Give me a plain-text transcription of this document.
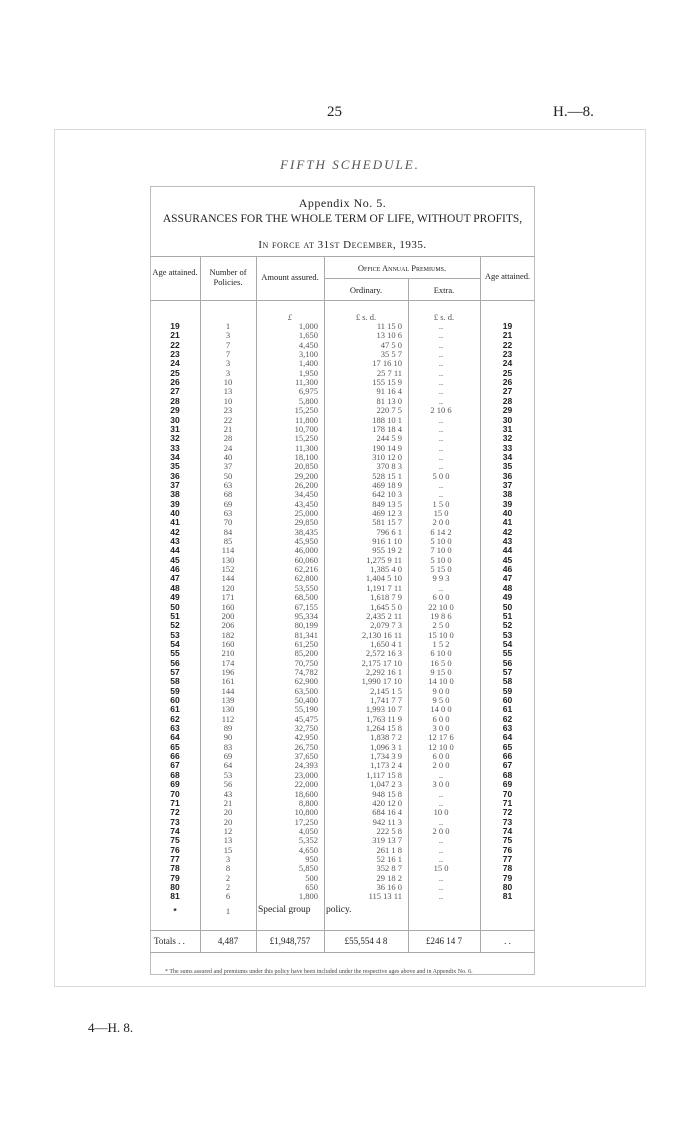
25	H.—8.
FIFTH SCHEDULE.
Appendix No. 5.
ASSURANCES FOR THE WHOLE TERM OF LIFE, WITHOUT PROFITS,
In force at 31st December, 1935.
Age attained.	Number of Policies.	Amount assured.
Office Annual Premiums.
Ordinary.	Extra.
Age attained.
£	£ s. d.	£ s. d.
19	1	1,000	11 15 0	..	19
21	3	1,650	13 10 6	..	21
22	7	4,450	47 5 0	..	22
23	7	3,100	35 5 7	..	23
24	3	1,400	17 16 10	..	24
25	3	1,950	25 7 11	..	25
26	10	11,300	155 15 9	..	26
27	13	6,975	91 16 4	..	27
28	10	5,800	81 13 0	..	28
29	23	15,250	220 7 5	2 10 6	29
30	22	11,800	188 10 1	..	30
31	21	10,700	178 18 4	..	31
32	28	15,250	244 5 9	..	32
33	24	11,300	190 14 9	..	33
34	40	18,100	310 12 0	..	34
35	37	20,850	370 8 3	..	35
36	50	29,200	528 15 1	5 0 0	36
37	63	26,200	469 18 9	..	37
38	68	34,450	642 10 3	..	38
39	69	43,450	849 13 5	1 5 0	39
40	63	25,000	469 12 3	15 0	40
41	70	29,850	581 15 7	2 0 0	41
42	84	38,435	796 6 1	6 14 2	42
43	85	45,950	916 1 10	5 10 0	43
44	114	46,000	955 19 2	7 10 0	44
45	130	60,060	1,275 9 11	5 10 0	45
46	152	62,216	1,385 4 0	5 15 0	46
47	144	62,800	1,404 5 10	9 9 3	47
48	120	53,550	1,191 7 11	..	48
49	171	68,500	1,618 7 9	6 0 0	49
50	160	67,155	1,645 5 0	22 10 0	50
51	200	95,334	2,435 2 11	19 8 6	51
52	206	80,199	2,079 7 3	2 5 0	52
53	182	81,341	2,130 16 11	15 10 0	53
54	160	61,250	1,650 4 1	1 5 2	54
55	210	85,200	2,572 16 3	6 10 0	55
56	174	70,750	2,175 17 10	16 5 0	56
57	196	74,782	2,292 16 1	9 15 0	57
58	161	62,900	1,990 17 10	14 10 0	58
59	144	63,500	2,145 1 5	9 0 0	59
60	139	50,400	1,741 7 7	9 5 0	60
61	130	55,190	1,993 10 7	14 0 0	61
62	112	45,475	1,763 11 9	6 0 0	62
63	89	32,750	1,264 15 8	3 0 0	63
64	90	42,950	1,838 7 2	12 17 6	64
65	83	26,750	1,096 3 1	12 10 0	65
66	69	37,650	1,734 3 9	6 0 0	66
67	64	24,393	1,173 2 4	2 0 0	67
68	53	23,000	1,117 15 8	..	68
69	56	22,000	1,047 2 3	3 0 0	69
70	43	18,600	948 15 8	..	70
71	21	8,800	420 12 0	..	71
72	20	10,800	684 16 4	10 0	72
73	20	17,250	942 11 3	..	73
74	12	4,050	222 5 8	2 0 0	74
75	13	5,352	319 13 7	..	75
76	15	4,650	261 1 8	..	76
77	3	950	52 16 1	..	77
78	8	5,850	352 8 7	15 0	78
79	2	500	29 18 2	..	79
80	2	650	36 16 0	..	80
81	6	1,800	115 13 11	..	81
*	1	Special group policy.
Totals . .	4,487	£1,948,757	£55,554 4 8	£246 14 7	. .
* The sums assured and premiums under this policy have been included under the respective ages above and in Appendix No. 6.
4—H. 8.
